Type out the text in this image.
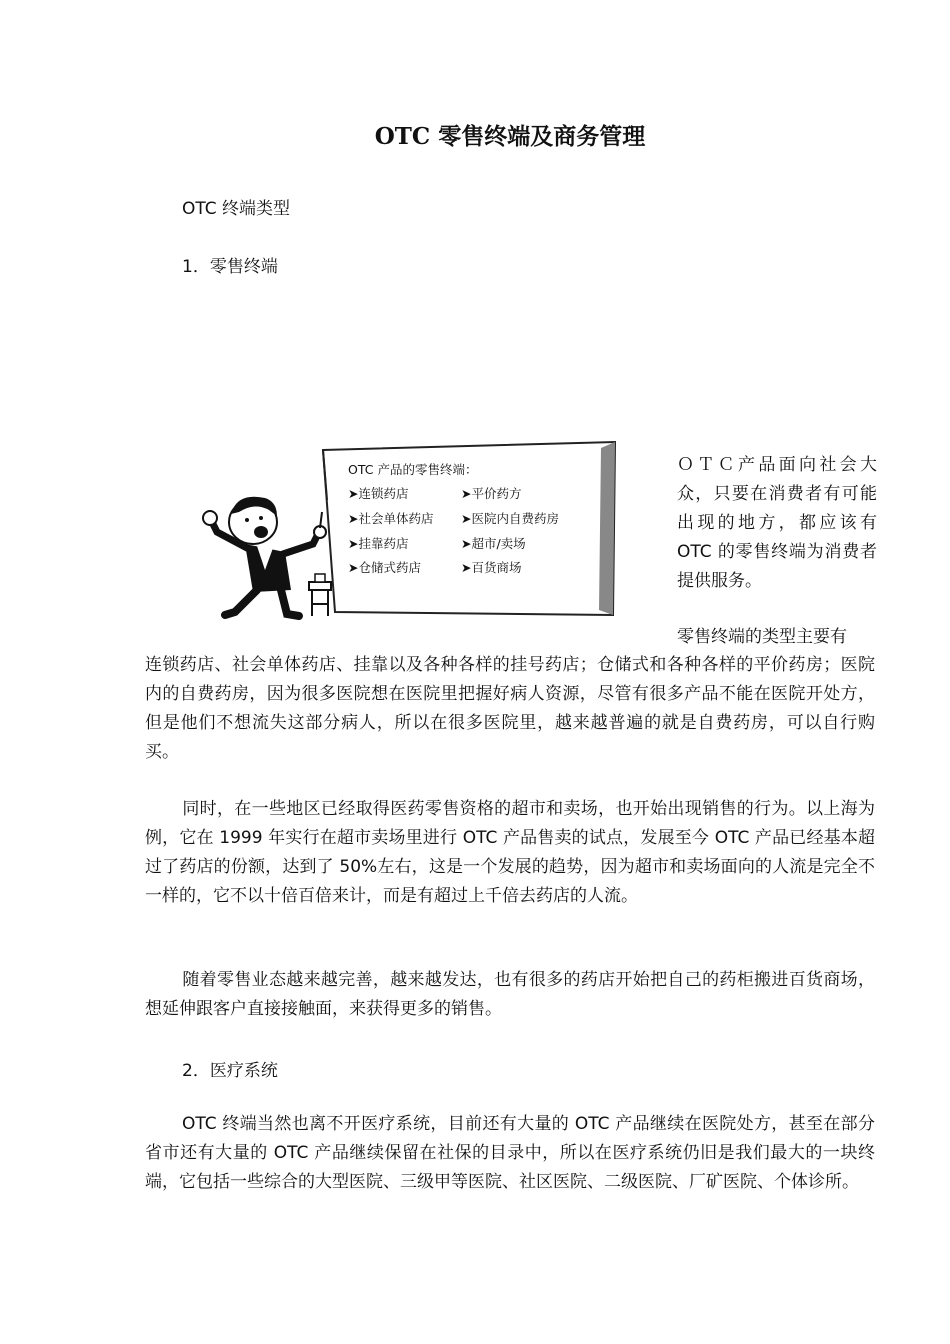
OTC 零售终端及商务管理
OTC 终端类型
1．零售终端
OTC 产品的零售终端：
➤连锁药店
➤社会单体药店
➤挂靠药店
➤仓储式药店
➤平价药方
➤医院内自费药房
➤超市/卖场
➤百货商场
ＯＴＣ产品面向社会大众，只要在消费者有可能出现的地方，都应该有 OTC 的零售终端为消费者提供服务。
零售终端的类型主要有
连锁药店、社会单体药店、挂靠以及各种各样的挂号药店；仓储式和各种各样的平价药房；医院内的自费药房，因为很多医院想在医院里把握好病人资源，尽管有很多产品不能在医院开处方，但是他们不想流失这部分病人，所以在很多医院里，越来越普遍的就是自费药房，可以自行购买。
同时，在一些地区已经取得医药零售资格的超市和卖场，也开始出现销售的行为。以上海为例，它在 1999 年实行在超市卖场里进行 OTC 产品售卖的试点，发展至今 OTC 产品已经基本超过了药店的份额，达到了 50%左右，这是一个发展的趋势，因为超市和卖场面向的人流是完全不一样的，它不以十倍百倍来计，而是有超过上千倍去药店的人流。
随着零售业态越来越完善，越来越发达，也有很多的药店开始把自己的药柜搬进百货商场，想延伸跟客户直接接触面，来获得更多的销售。
2．医疗系统
OTC 终端当然也离不开医疗系统，目前还有大量的 OTC 产品继续在医院处方，甚至在部分省市还有大量的 OTC 产品继续保留在社保的目录中，所以在医疗系统仍旧是我们最大的一块终端，它包括一些综合的大型医院、三级甲等医院、社区医院、二级医院、厂矿医院、个体诊所。
